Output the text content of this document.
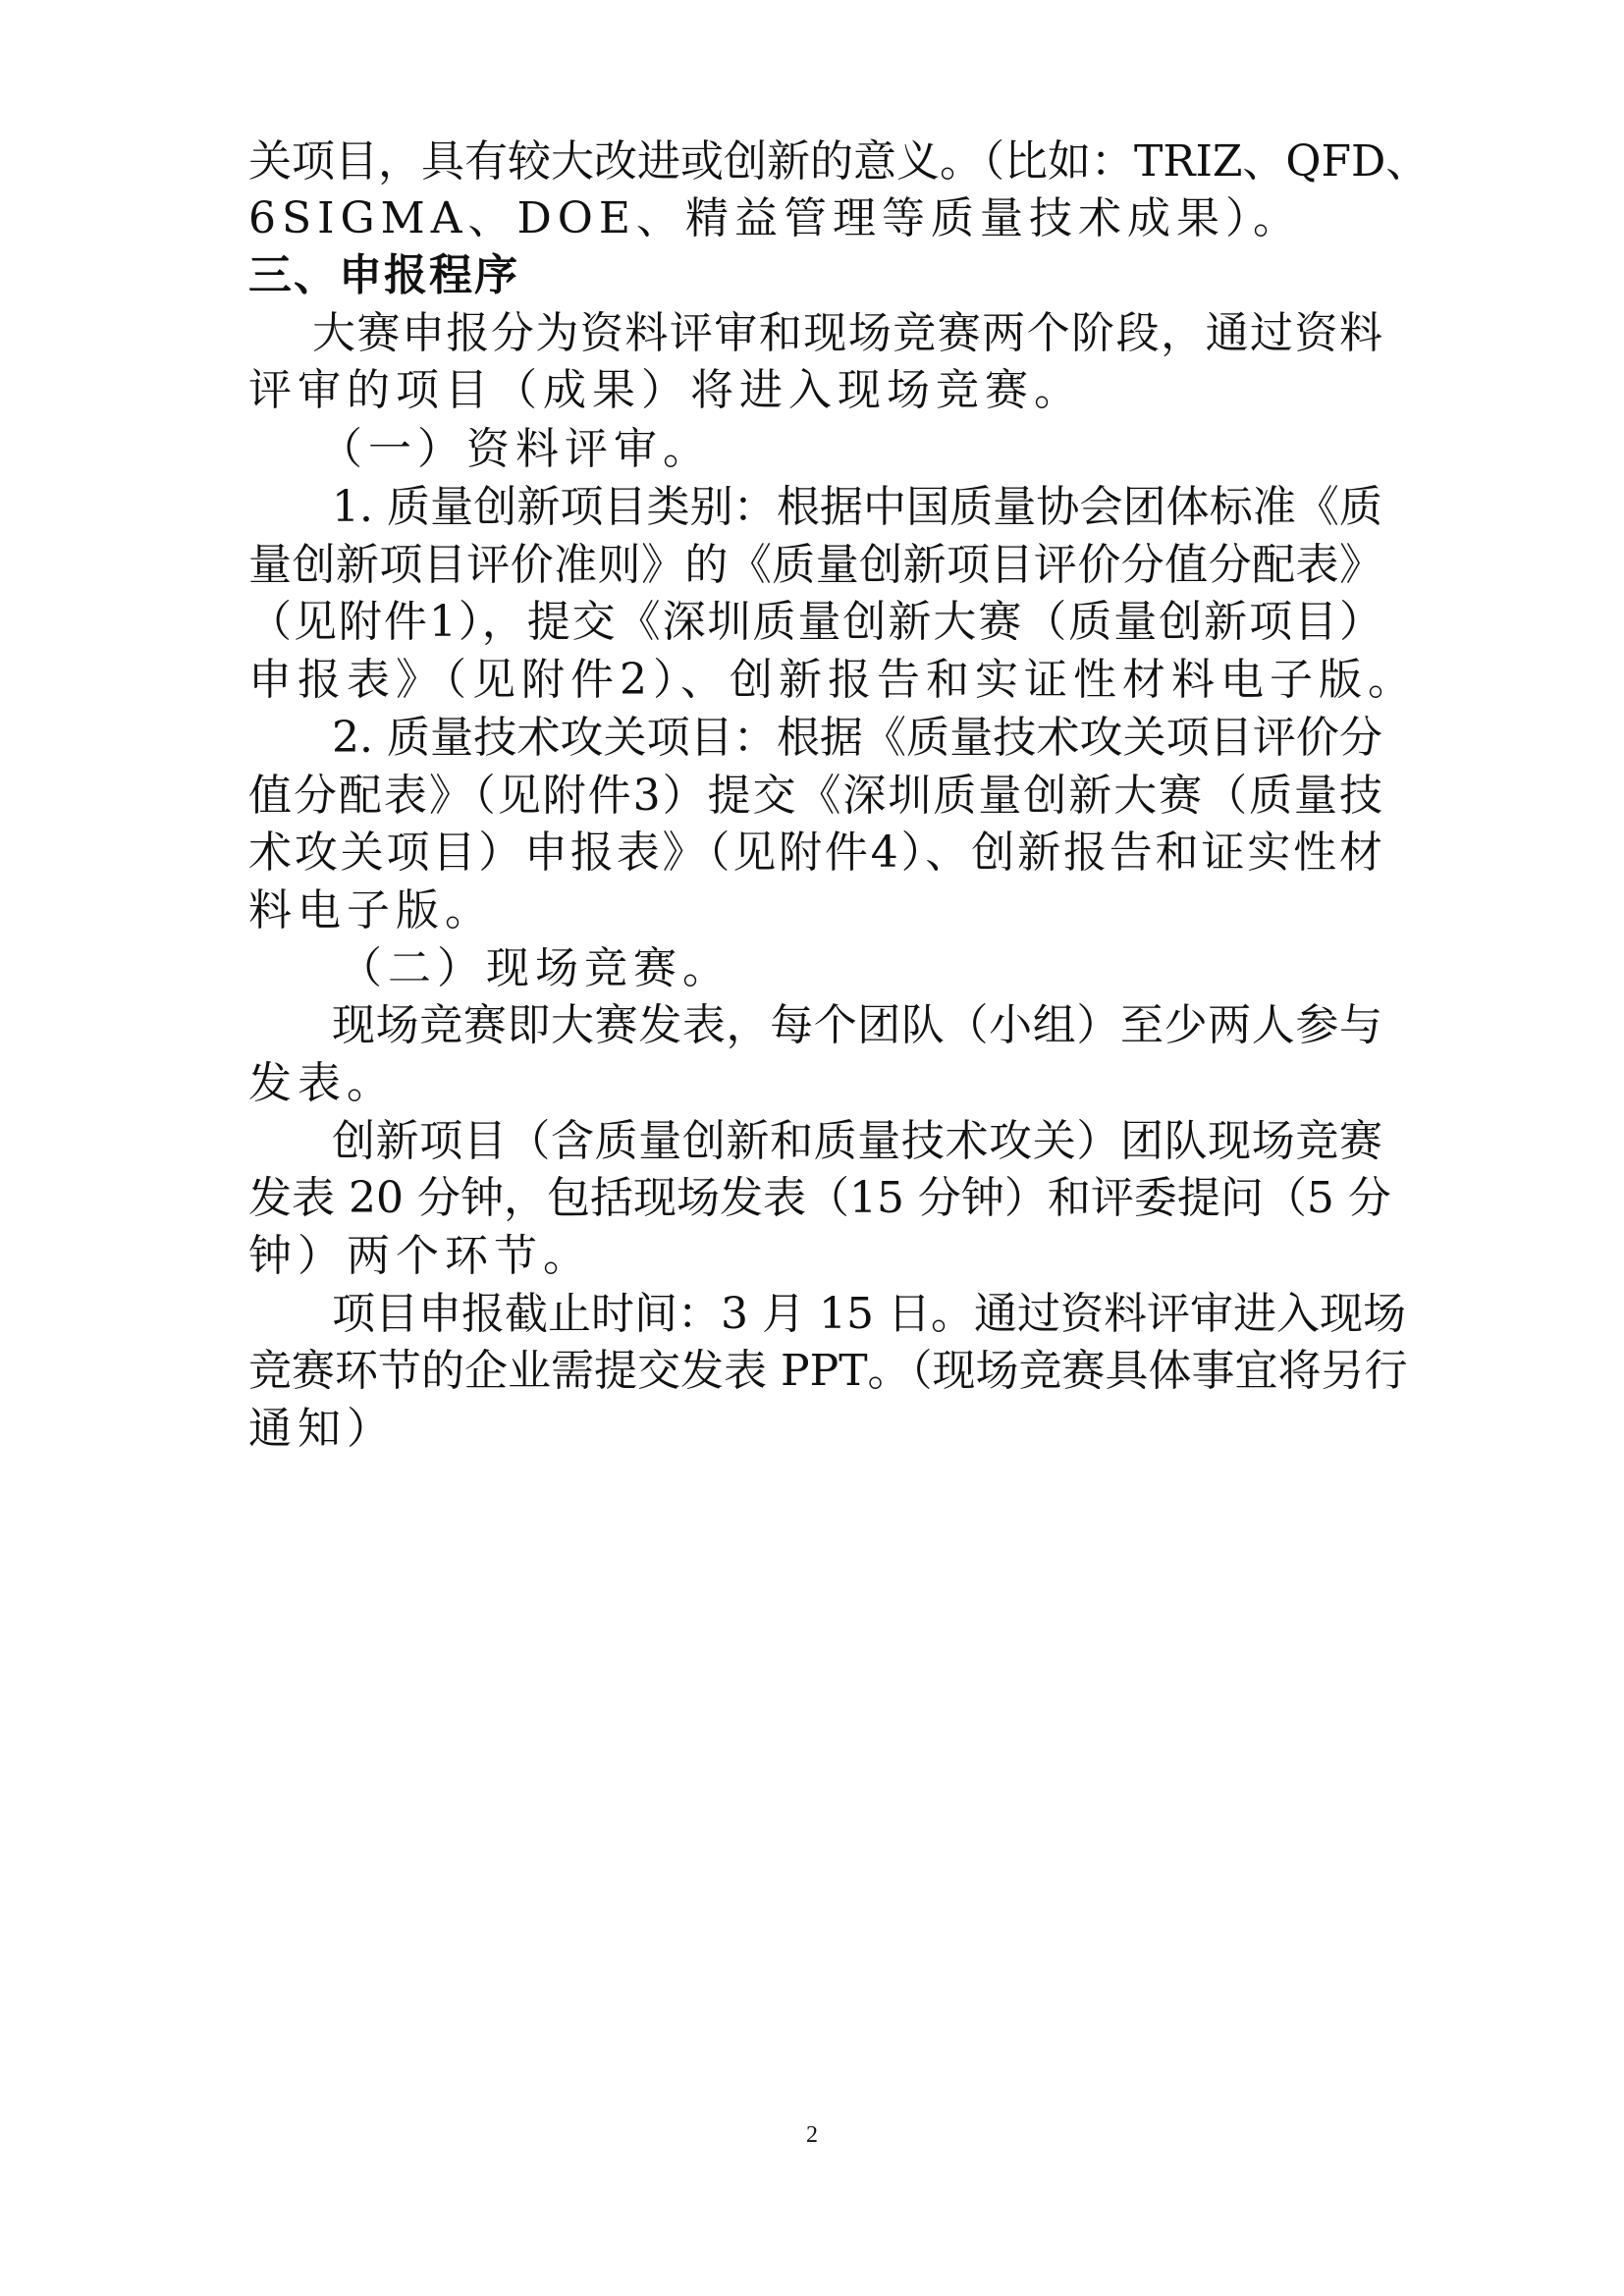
关项目，具有较大改进或创新的意义。（比如：TRIZ、QFD、
6SIGMA、DOE、精益管理等质量技术成果）。
三、申报程序
大赛申报分为资料评审和现场竞赛两个阶段，通过资料
评审的项目（成果）将进入现场竞赛。
（一）资料评审。
1. 质量创新项目类别：根据中国质量协会团体标准《质
量创新项目评价准则》的《质量创新项目评价分值分配表》
（见附件1），提交《深圳质量创新大赛（质量创新项目）
申报表》（见附件2）、创新报告和实证性材料电子版。
2. 质量技术攻关项目：根据《质量技术攻关项目评价分
值分配表》（见附件3）提交《深圳质量创新大赛（质量技
术攻关项目）申报表》（见附件4）、创新报告和证实性材
料电子版。
（二）现场竞赛。
现场竞赛即大赛发表，每个团队（小组）至少两人参与
发表。
创新项目（含质量创新和质量技术攻关）团队现场竞赛
发表 20 分钟，包括现场发表（15 分钟）和评委提问（5 分
钟）两个环节。
项目申报截止时间：3 月 15 日。通过资料评审进入现场
竞赛环节的企业需提交发表 PPT。（现场竞赛具体事宜将另行
通知）
2
